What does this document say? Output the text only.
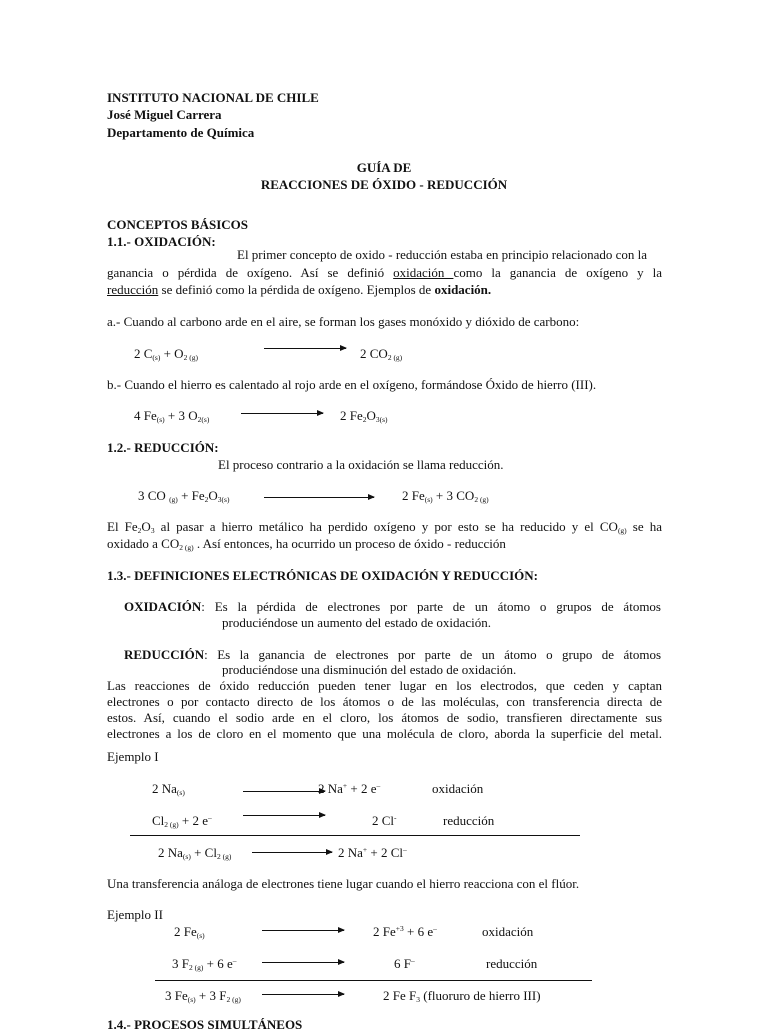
INSTITUTO NACIONAL DE CHILE
José Miguel Carrera
Departamento de Química
GUÍA DE
REACCIONES DE ÓXIDO - REDUCCIÓN
CONCEPTOS BÁSICOS
1.1.- OXIDACIÓN:
El primer concepto de oxido - reducción estaba en principio relacionado con la
ganancia o pérdida de oxígeno. Así se definió oxidación como la ganancia de oxígeno y la
reducción se definió como la pérdida de oxígeno. Ejemplos de oxidación.
a.- Cuando al carbono arde en el aire, se forman los gases monóxido y dióxido de carbono:
2 $C_{(s)} + O_{2 (g)}$	2 $CO_{2 (g)}$
b.- Cuando el hierro es calentado al rojo arde en el oxígeno, formándose Óxido de hierro (III).
4 $Fe_{(s)} + 3$ $O_{2(s)}$	2 $Fe_2O_{3(s)}$
1.2.- REDUCCIÓN:
El proceso contrario a la oxidación se llama reducción.
3 CO $_{(g)} + Fe_2O_{3(s)}$	2 $Fe_{(s)} + 3$ $CO_{2 (g)}$
El $Fe_2O_3$ al pasar a hierro metálico ha perdido oxígeno y por esto se ha reducido y el $CO_{(g)}$ se ha
oxidado a $CO_{2 (g)}$ . Así entonces, ha ocurrido un proceso de óxido - reducción
1.3.- DEFINICIONES ELECTRÓNICAS DE OXIDACIÓN Y REDUCCIÓN:
OXIDACIÓN: Es la pérdida de electrones por parte de un átomo o grupos de átomos
produciéndose un aumento del estado de oxidación.
REDUCCIÓN: Es la ganancia de electrones por parte de un átomo o grupo de átomos
produciéndose una disminución del estado de oxidación.
Las reacciones de óxido reducción pueden tener lugar en los electrodos, que ceden y captan
electrones o por contacto directo de los átomos o de las moléculas, con transferencia directa de
estos. Así, cuando el sodio arde en el cloro, los átomos de sodio, transfieren directamente sus
electrones a los de cloro en el momento que una molécula de cloro, aborda la superficie del metal.
Ejemplo I
2 $Na_{(s)}$	2 Na+ + 2 e–	oxidación
$Cl_{2 (g)} + 2$ e–	2 Cl-	reducción
2 $Na_{(s)} + Cl_{2 (g)}$	2 Na+ + 2 Cl–
Una transferencia análoga de electrones tiene lugar cuando el hierro reacciona con el flúor.
Ejemplo II
2 $Fe_{(s)}$	2 $Fe^{+3} + 6$ e–	oxidación
3 $F_{2 (g)} + 6$ e–	6 F–	reducción
3 $Fe_{(s)} + 3$ $F_{2 (g)}$	2 Fe $F_3$ (fluoruro de hierro III)
1.4.- PROCESOS SIMULTÁNEOS
